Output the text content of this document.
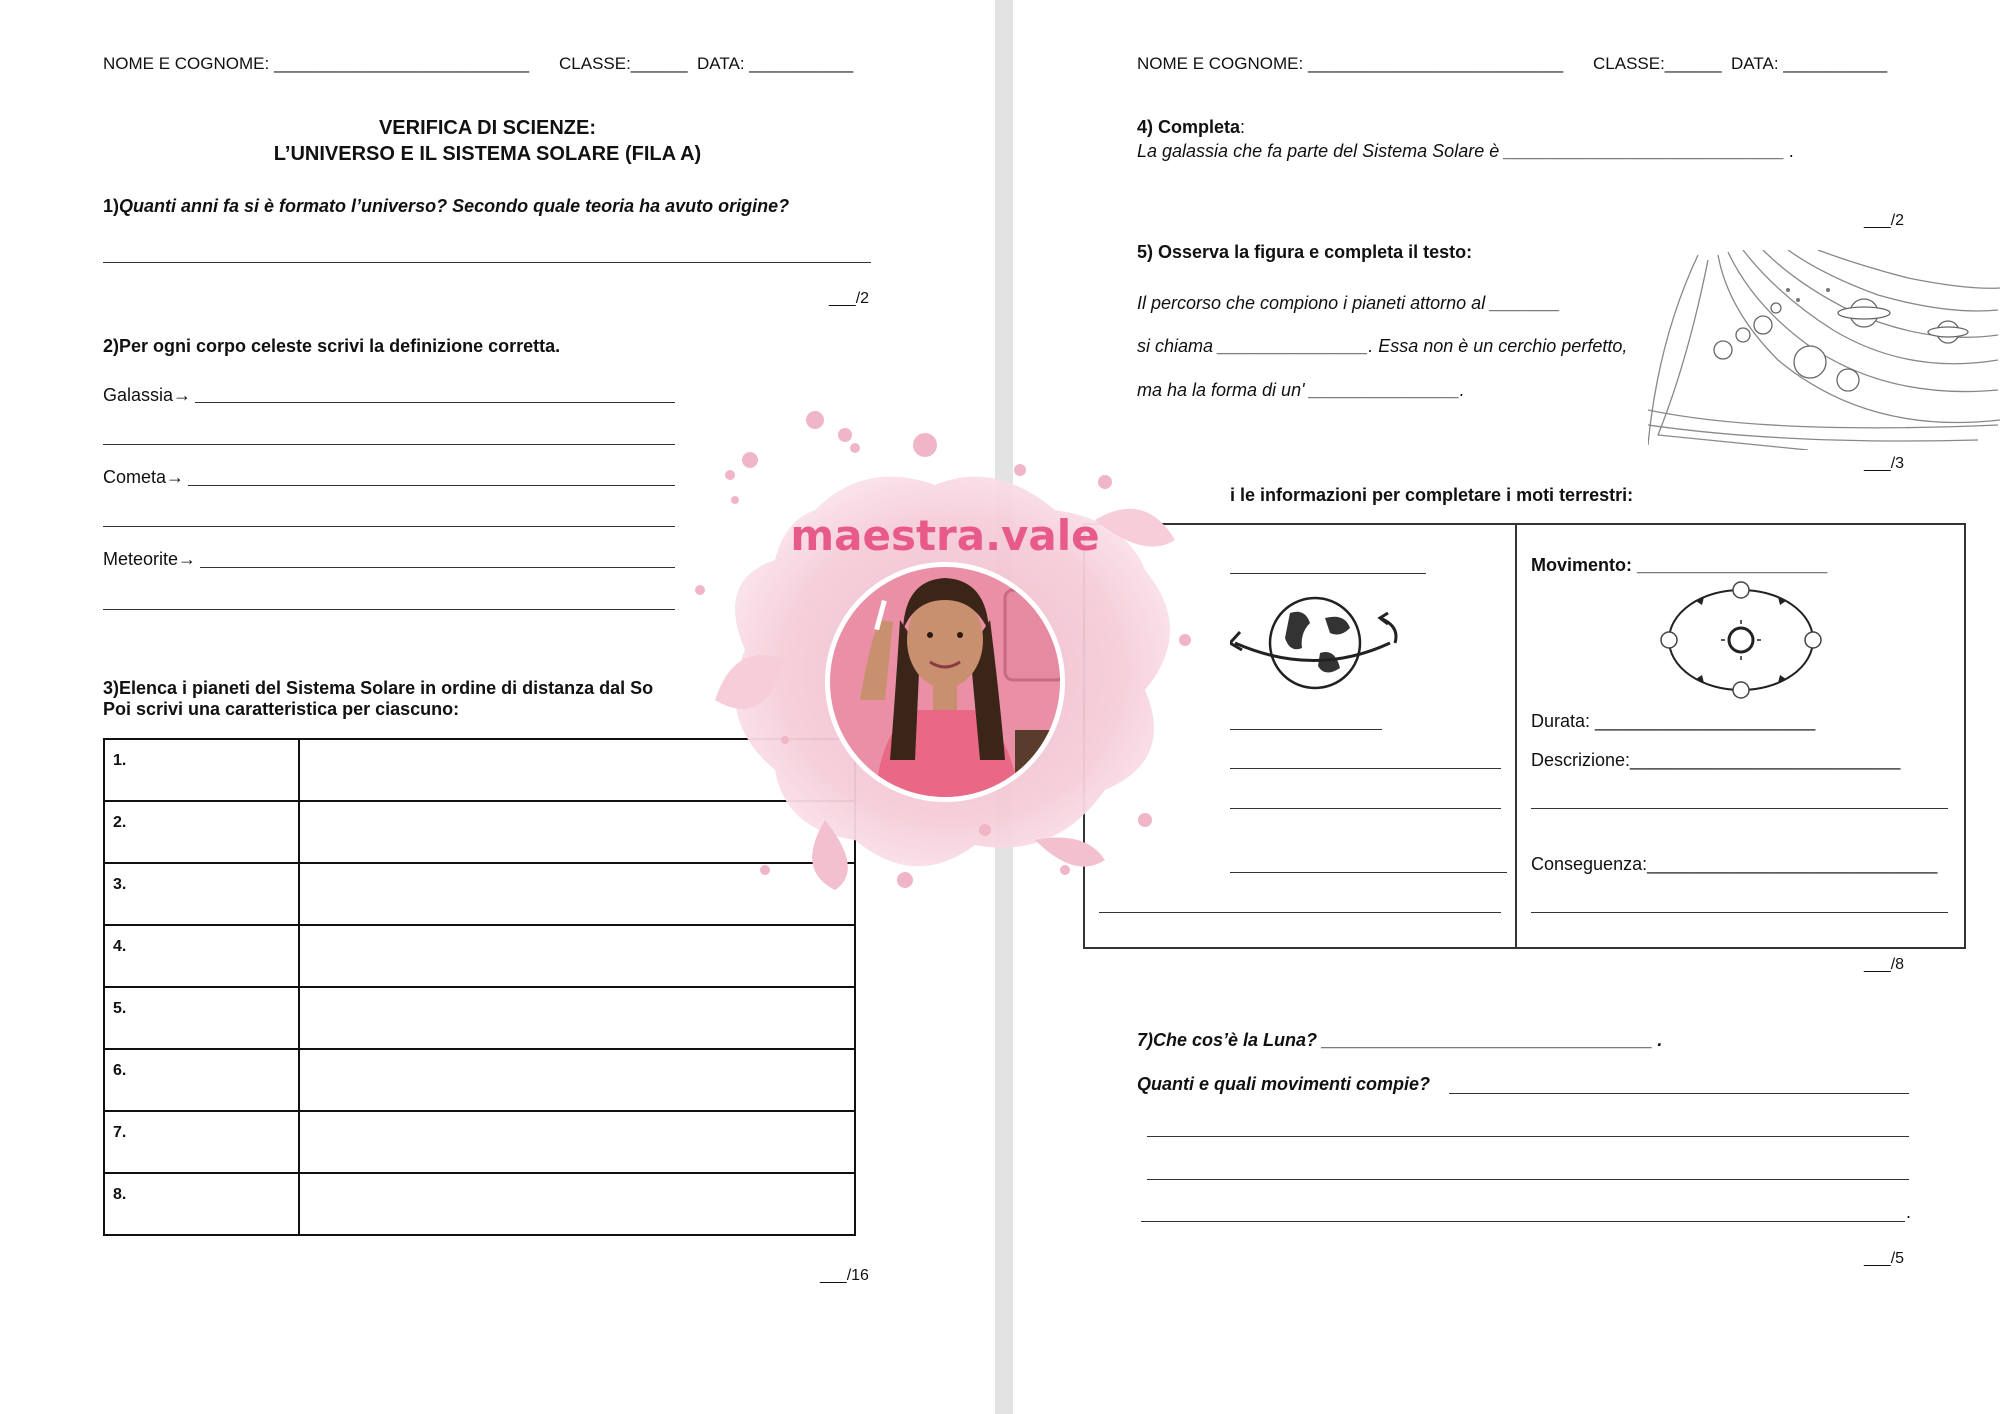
NOME E COGNOME: ___________________________ CLASSE:______ DATA: ___________
VERIFICA DI SCIENZE:
L’UNIVERSO E IL SISTEMA SOLARE (FILA A)
1)Quanti anni fa si è formato l’universo? Secondo quale teoria ha avuto origine?
___/2
2)Per ogni corpo celeste scrivi la definizione corretta.
Galassia→
Cometa→
Meteorite→
3)Elenca i pianeti del Sistema Solare in ordine di distanza dal So
Poi scrivi una caratteristica per ciascuno:
1.	
2.	
3.	
4.	
5.	
6.	
7.	
8.	
___/16
NOME E COGNOME: ___________________________ CLASSE:______ DATA: ___________
4) Completa:
La galassia che fa parte del Sistema Solare è ____________________________ .
___/2
5) Osserva la figura e completa il testo:
Il percorso che compiono i pianeti attorno al _______
si chiama _______________. Essa non è un cerchio perfetto,
ma ha la forma di un' _______________.
___/3
i le informazioni per completare i moti terrestri:
Movimento: ___________________
Durata: ______________________
Descrizione:___________________________
Conseguenza:_____________________________
___/8
7)Che cos’è la Luna? _________________________________ .
Quanti e quali movimenti compie?
.
___/5
maestra.vale
